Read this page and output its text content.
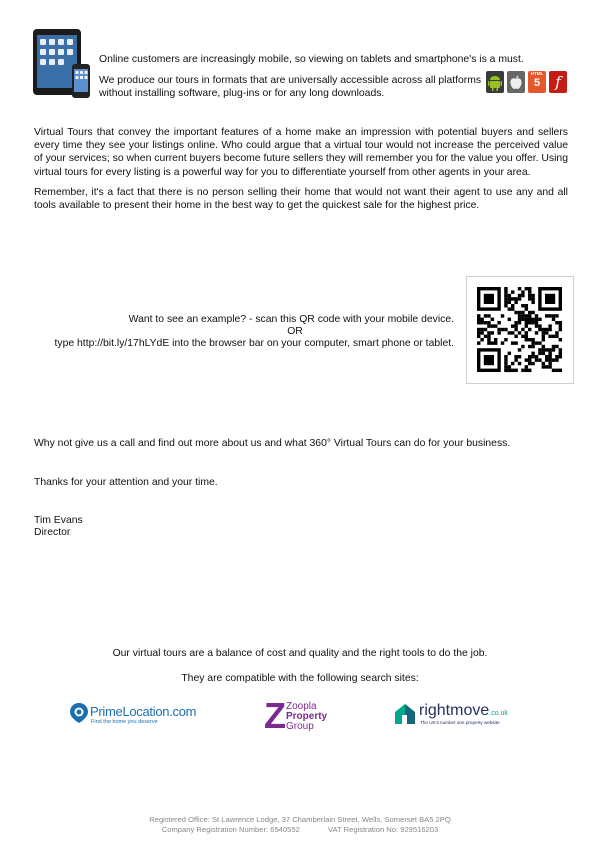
Online customers are increasingly mobile, so viewing on tablets and smartphone's is a must.

We produce our tours in formats that are universally accessible across all platforms without installing software, plug-ins or for any long downloads.

HTML
5	f

Virtual Tours that convey the important features of a home make an impression with potential buyers and sellers every time they see your listings online. Who could argue that a virtual tour would not increase the perceived value of your services; so when current buyers become future sellers they will remember you for the value you offer. Using virtual tours for every listing is a powerful way for you to differentiate yourself from other agents in your area.

Remember, it's a fact that there is no person selling their home that would not want their agent to use any and all tools available to present their home in the best way to get the quickest sale for the highest price.

Want to see an example? - scan this QR code with your mobile device.

OR

type http://bit.ly/17hLYdE into the browser bar on your computer, smart phone or tablet.

Why not give us a call and find out more about us and what 360° Virtual Tours can do for your business.

Thanks for your attention and your time.

Tim Evans

Director

Our virtual tours are a balance of cost and quality and the right tools to do the job.

They are compatible with the following search sites:

PrimeLocation.com
Find the home you deserve	Z Zoopla
Property
Group
rightmove.co.uk
The UK's number one property website
Registered Office: St Lawrence Lodge, 37 Chamberlain Street, Wells, Somerset BA5 2PQ
Company Registration Number: 6540552	VAT Registration No: 929516203
